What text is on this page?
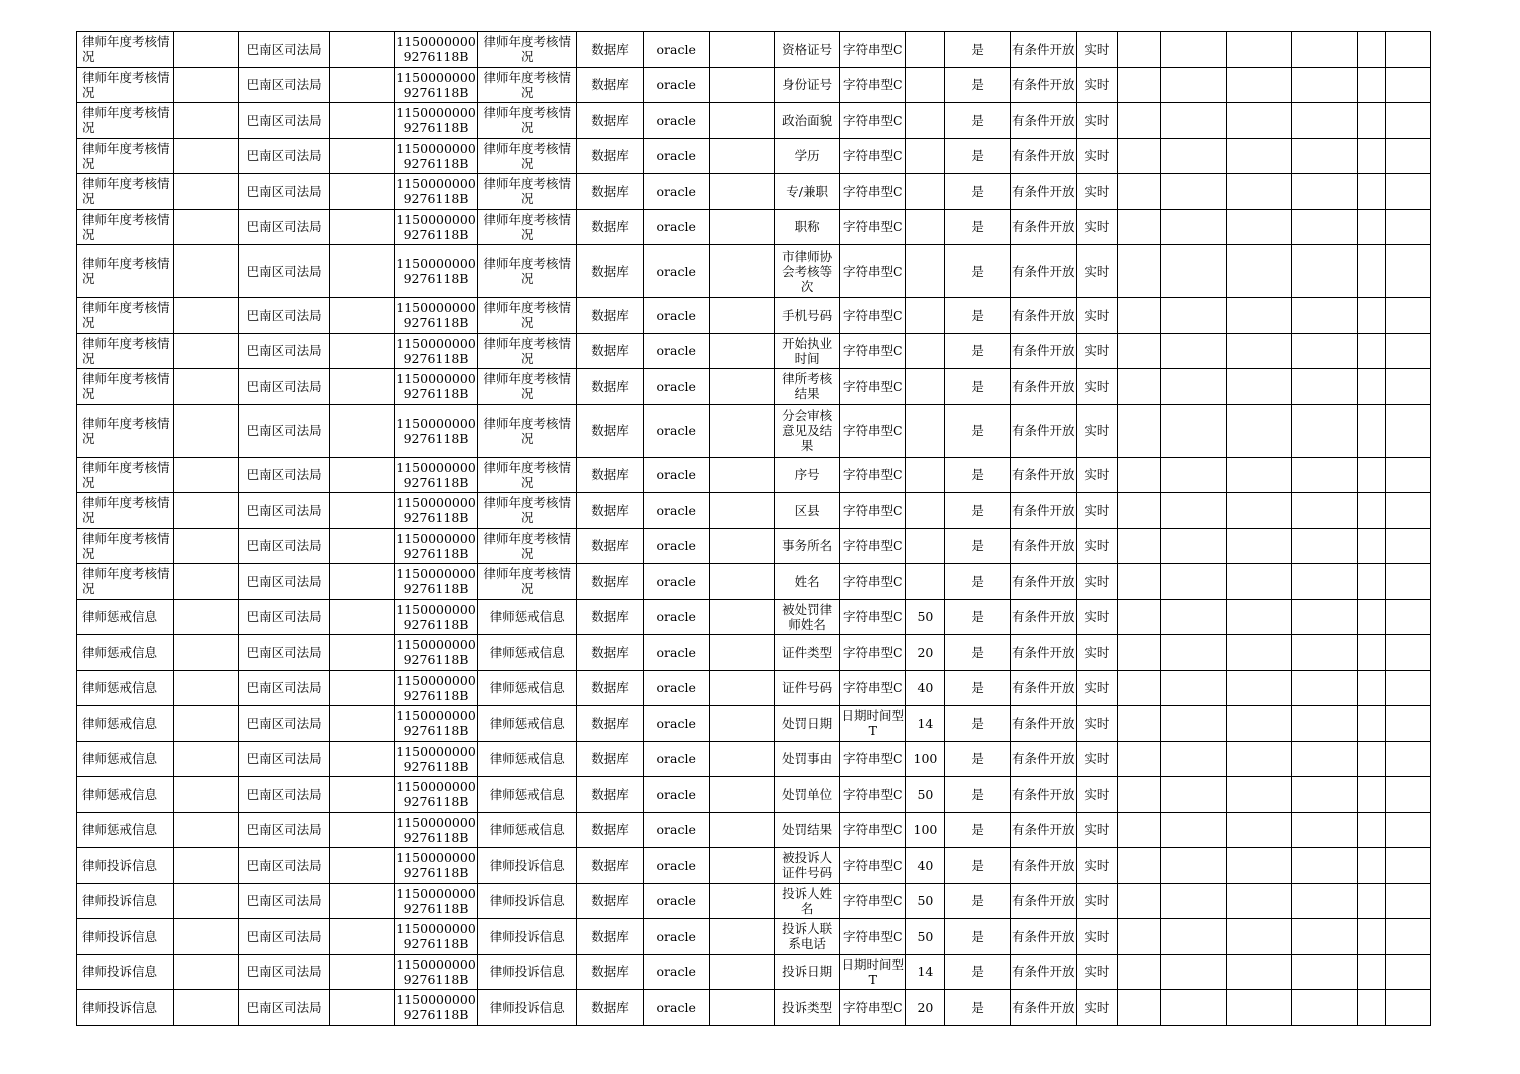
律师年度考核情况		巴南区司法局		11500000009276118B	律师年度考核情况	数据库	oracle		资格证号	字符串型C		是	有条件开放	实时						
律师年度考核情况		巴南区司法局		11500000009276118B	律师年度考核情况	数据库	oracle		身份证号	字符串型C		是	有条件开放	实时						
律师年度考核情况		巴南区司法局		11500000009276118B	律师年度考核情况	数据库	oracle		政治面貌	字符串型C		是	有条件开放	实时						
律师年度考核情况		巴南区司法局		11500000009276118B	律师年度考核情况	数据库	oracle		学历	字符串型C		是	有条件开放	实时						
律师年度考核情况		巴南区司法局		11500000009276118B	律师年度考核情况	数据库	oracle		专/兼职	字符串型C		是	有条件开放	实时						
律师年度考核情况		巴南区司法局		11500000009276118B	律师年度考核情况	数据库	oracle		职称	字符串型C		是	有条件开放	实时						
律师年度考核情况		巴南区司法局		11500000009276118B	律师年度考核情况	数据库	oracle		市律师协会考核等次	字符串型C		是	有条件开放	实时						
律师年度考核情况		巴南区司法局		11500000009276118B	律师年度考核情况	数据库	oracle		手机号码	字符串型C		是	有条件开放	实时						
律师年度考核情况		巴南区司法局		11500000009276118B	律师年度考核情况	数据库	oracle		开始执业时间	字符串型C		是	有条件开放	实时						
律师年度考核情况		巴南区司法局		11500000009276118B	律师年度考核情况	数据库	oracle		律所考核结果	字符串型C		是	有条件开放	实时						
律师年度考核情况		巴南区司法局		11500000009276118B	律师年度考核情况	数据库	oracle		分会审核意见及结果	字符串型C		是	有条件开放	实时						
律师年度考核情况		巴南区司法局		11500000009276118B	律师年度考核情况	数据库	oracle		序号	字符串型C		是	有条件开放	实时						
律师年度考核情况		巴南区司法局		11500000009276118B	律师年度考核情况	数据库	oracle		区县	字符串型C		是	有条件开放	实时						
律师年度考核情况		巴南区司法局		11500000009276118B	律师年度考核情况	数据库	oracle		事务所名	字符串型C		是	有条件开放	实时						
律师年度考核情况		巴南区司法局		11500000009276118B	律师年度考核情况	数据库	oracle		姓名	字符串型C		是	有条件开放	实时						
律师惩戒信息		巴南区司法局		11500000009276118B	律师惩戒信息	数据库	oracle		被处罚律师姓名	字符串型C	50	是	有条件开放	实时						
律师惩戒信息		巴南区司法局		11500000009276118B	律师惩戒信息	数据库	oracle		证件类型	字符串型C	20	是	有条件开放	实时						
律师惩戒信息		巴南区司法局		11500000009276118B	律师惩戒信息	数据库	oracle		证件号码	字符串型C	40	是	有条件开放	实时						
律师惩戒信息		巴南区司法局		11500000009276118B	律师惩戒信息	数据库	oracle		处罚日期	日期时间型T	14	是	有条件开放	实时						
律师惩戒信息		巴南区司法局		11500000009276118B	律师惩戒信息	数据库	oracle		处罚事由	字符串型C	100	是	有条件开放	实时						
律师惩戒信息		巴南区司法局		11500000009276118B	律师惩戒信息	数据库	oracle		处罚单位	字符串型C	50	是	有条件开放	实时						
律师惩戒信息		巴南区司法局		11500000009276118B	律师惩戒信息	数据库	oracle		处罚结果	字符串型C	100	是	有条件开放	实时						
律师投诉信息		巴南区司法局		11500000009276118B	律师投诉信息	数据库	oracle		被投诉人证件号码	字符串型C	40	是	有条件开放	实时						
律师投诉信息		巴南区司法局		11500000009276118B	律师投诉信息	数据库	oracle		投诉人姓名	字符串型C	50	是	有条件开放	实时						
律师投诉信息		巴南区司法局		11500000009276118B	律师投诉信息	数据库	oracle		投诉人联系电话	字符串型C	50	是	有条件开放	实时						
律师投诉信息		巴南区司法局		11500000009276118B	律师投诉信息	数据库	oracle		投诉日期	日期时间型T	14	是	有条件开放	实时						
律师投诉信息		巴南区司法局		11500000009276118B	律师投诉信息	数据库	oracle		投诉类型	字符串型C	20	是	有条件开放	实时						
